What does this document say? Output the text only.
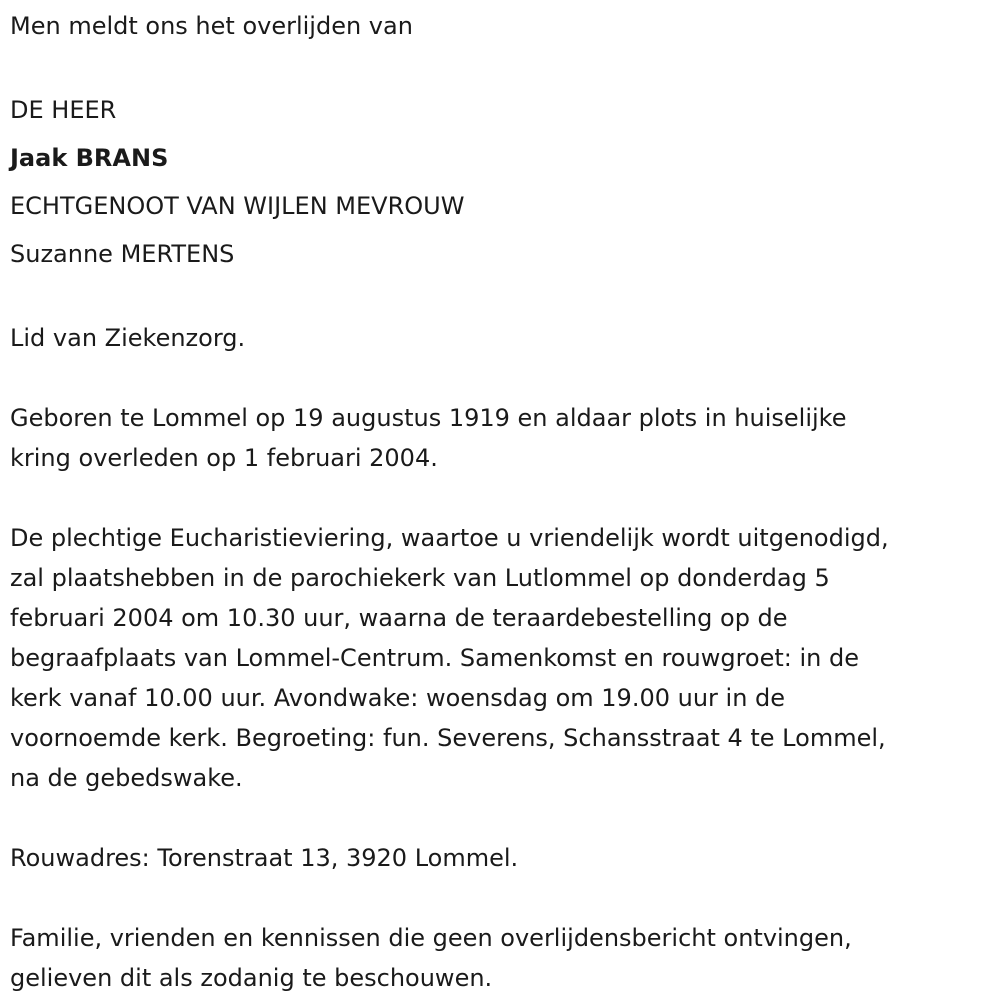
Men meldt ons het overlijden van

DE HEER

Jaak BRANS

ECHTGENOOT VAN WIJLEN MEVROUW

Suzanne MERTENS

Lid van Ziekenzorg.

Geboren te Lommel op 19 augustus 1919 en aldaar plots in huiselijke

kring overleden op 1 februari 2004.

De plechtige Eucharistieviering, waartoe u vriendelijk wordt uitgenodigd,

zal plaatshebben in de parochiekerk van Lutlommel op donderdag 5

februari 2004 om 10.30 uur, waarna de teraardebestelling op de

begraafplaats van Lommel-Centrum. Samenkomst en rouwgroet: in de

kerk vanaf 10.00 uur. Avondwake: woensdag om 19.00 uur in de

voornoemde kerk. Begroeting: fun. Severens, Schansstraat 4 te Lommel,

na de gebedswake.

Rouwadres: Torenstraat 13, 3920 Lommel.

Familie, vrienden en kennissen die geen overlijdensbericht ontvingen,

gelieven dit als zodanig te beschouwen.
